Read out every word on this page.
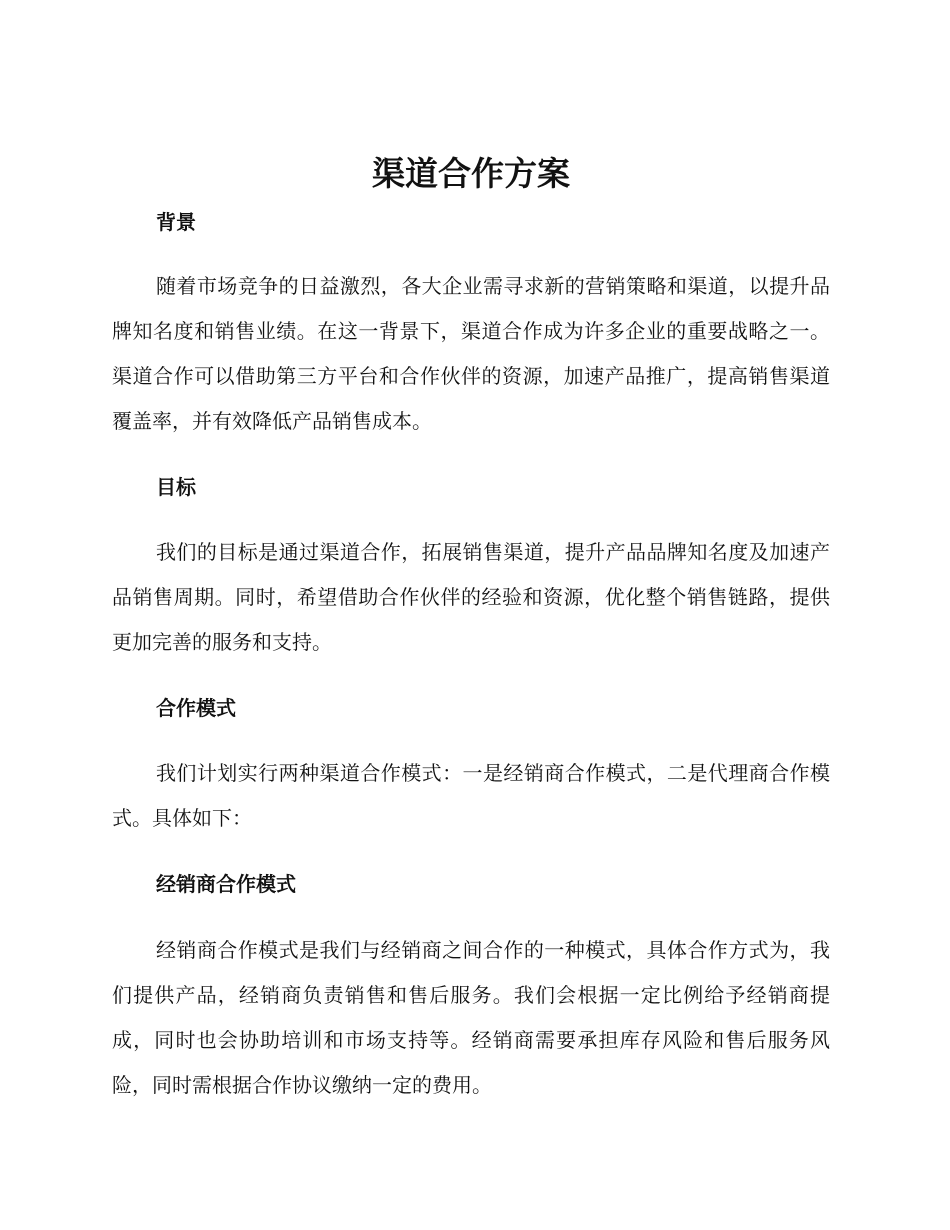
渠道合作方案
背景

随着市场竞争的日益激烈，各大企业需寻求新的营销策略和渠道，以提升品牌知名度和销售业绩。在这一背景下，渠道合作成为许多企业的重要战略之一。渠道合作可以借助第三方平台和合作伙伴的资源，加速产品推广，提高销售渠道覆盖率，并有效降低产品销售成本。

目标

我们的目标是通过渠道合作，拓展销售渠道，提升产品品牌知名度及加速产品销售周期。同时，希望借助合作伙伴的经验和资源，优化整个销售链路，提供更加完善的服务和支持。

合作模式

我们计划实行两种渠道合作模式：一是经销商合作模式，二是代理商合作模式。具体如下：

经销商合作模式

经销商合作模式是我们与经销商之间合作的一种模式，具体合作方式为，我们提供产品，经销商负责销售和售后服务。我们会根据一定比例给予经销商提成，同时也会协助培训和市场支持等。经销商需要承担库存风险和售后服务风险，同时需根据合作协议缴纳一定的费用。
